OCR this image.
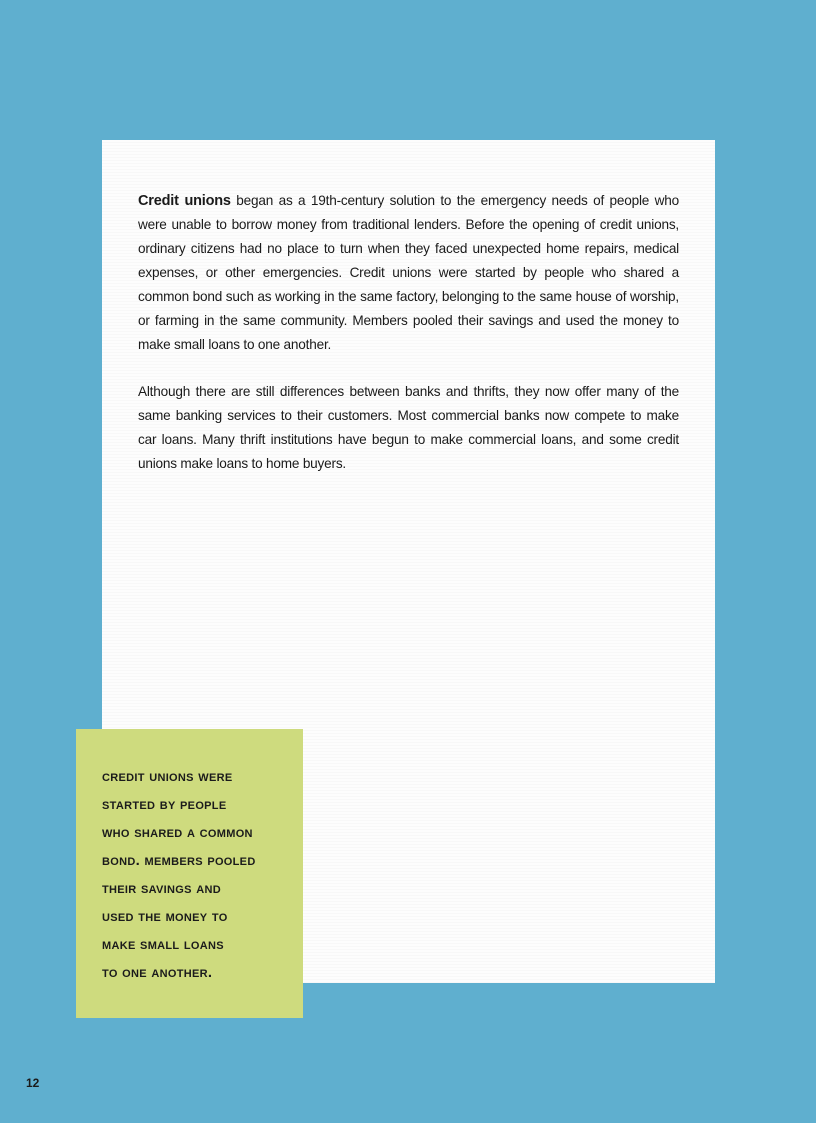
Credit unions began as a 19th-century solution to the emergency needs of people who were unable to borrow money from traditional lenders. Before the opening of credit unions, ordinary citizens had no place to turn when they faced unexpected home repairs, medical expenses, or other emergencies. Credit unions were started by people who shared a common bond such as working in the same factory, belonging to the same house of worship, or farming in the same community. Members pooled their savings and used the money to make small loans to one another.

Although there are still differences between banks and thrifts, they now offer many of the same banking services to their customers. Most commercial banks now compete to make car loans. Many thrift institutions have begun to make commercial loans, and some credit unions make loans to home buyers.

credit unions were
started by people
who shared a common
bond. members pooled
their savings and
used the money to
make small loans
to one another.

12
